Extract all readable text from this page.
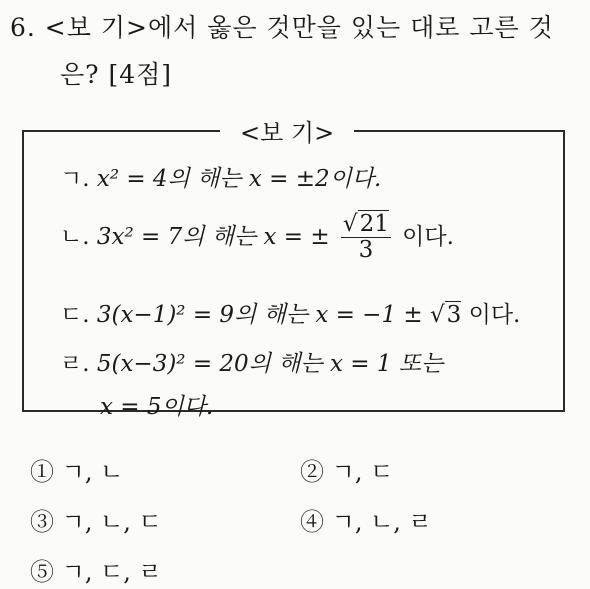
6. <보 기>에서 옳은 것만을 있는 대로 고른 것
은? [4점]
<보 기>
ㄱ. x² = 4의 해는 x = ±2이다.
ㄴ. 3x² = 7의 해는 x = ± $\frac{√21}{3}$ 이다.
ㄷ. 3(x−1)² = 9의 해는 x = −1 ± √3 이다.
ㄹ. 5(x−3)² = 20의 해는 x = 1 또는
x = 5이다.
① ㄱ, ㄴ	② ㄱ, ㄷ
③ ㄱ, ㄴ, ㄷ	④ ㄱ, ㄴ, ㄹ
⑤ ㄱ, ㄷ, ㄹ
